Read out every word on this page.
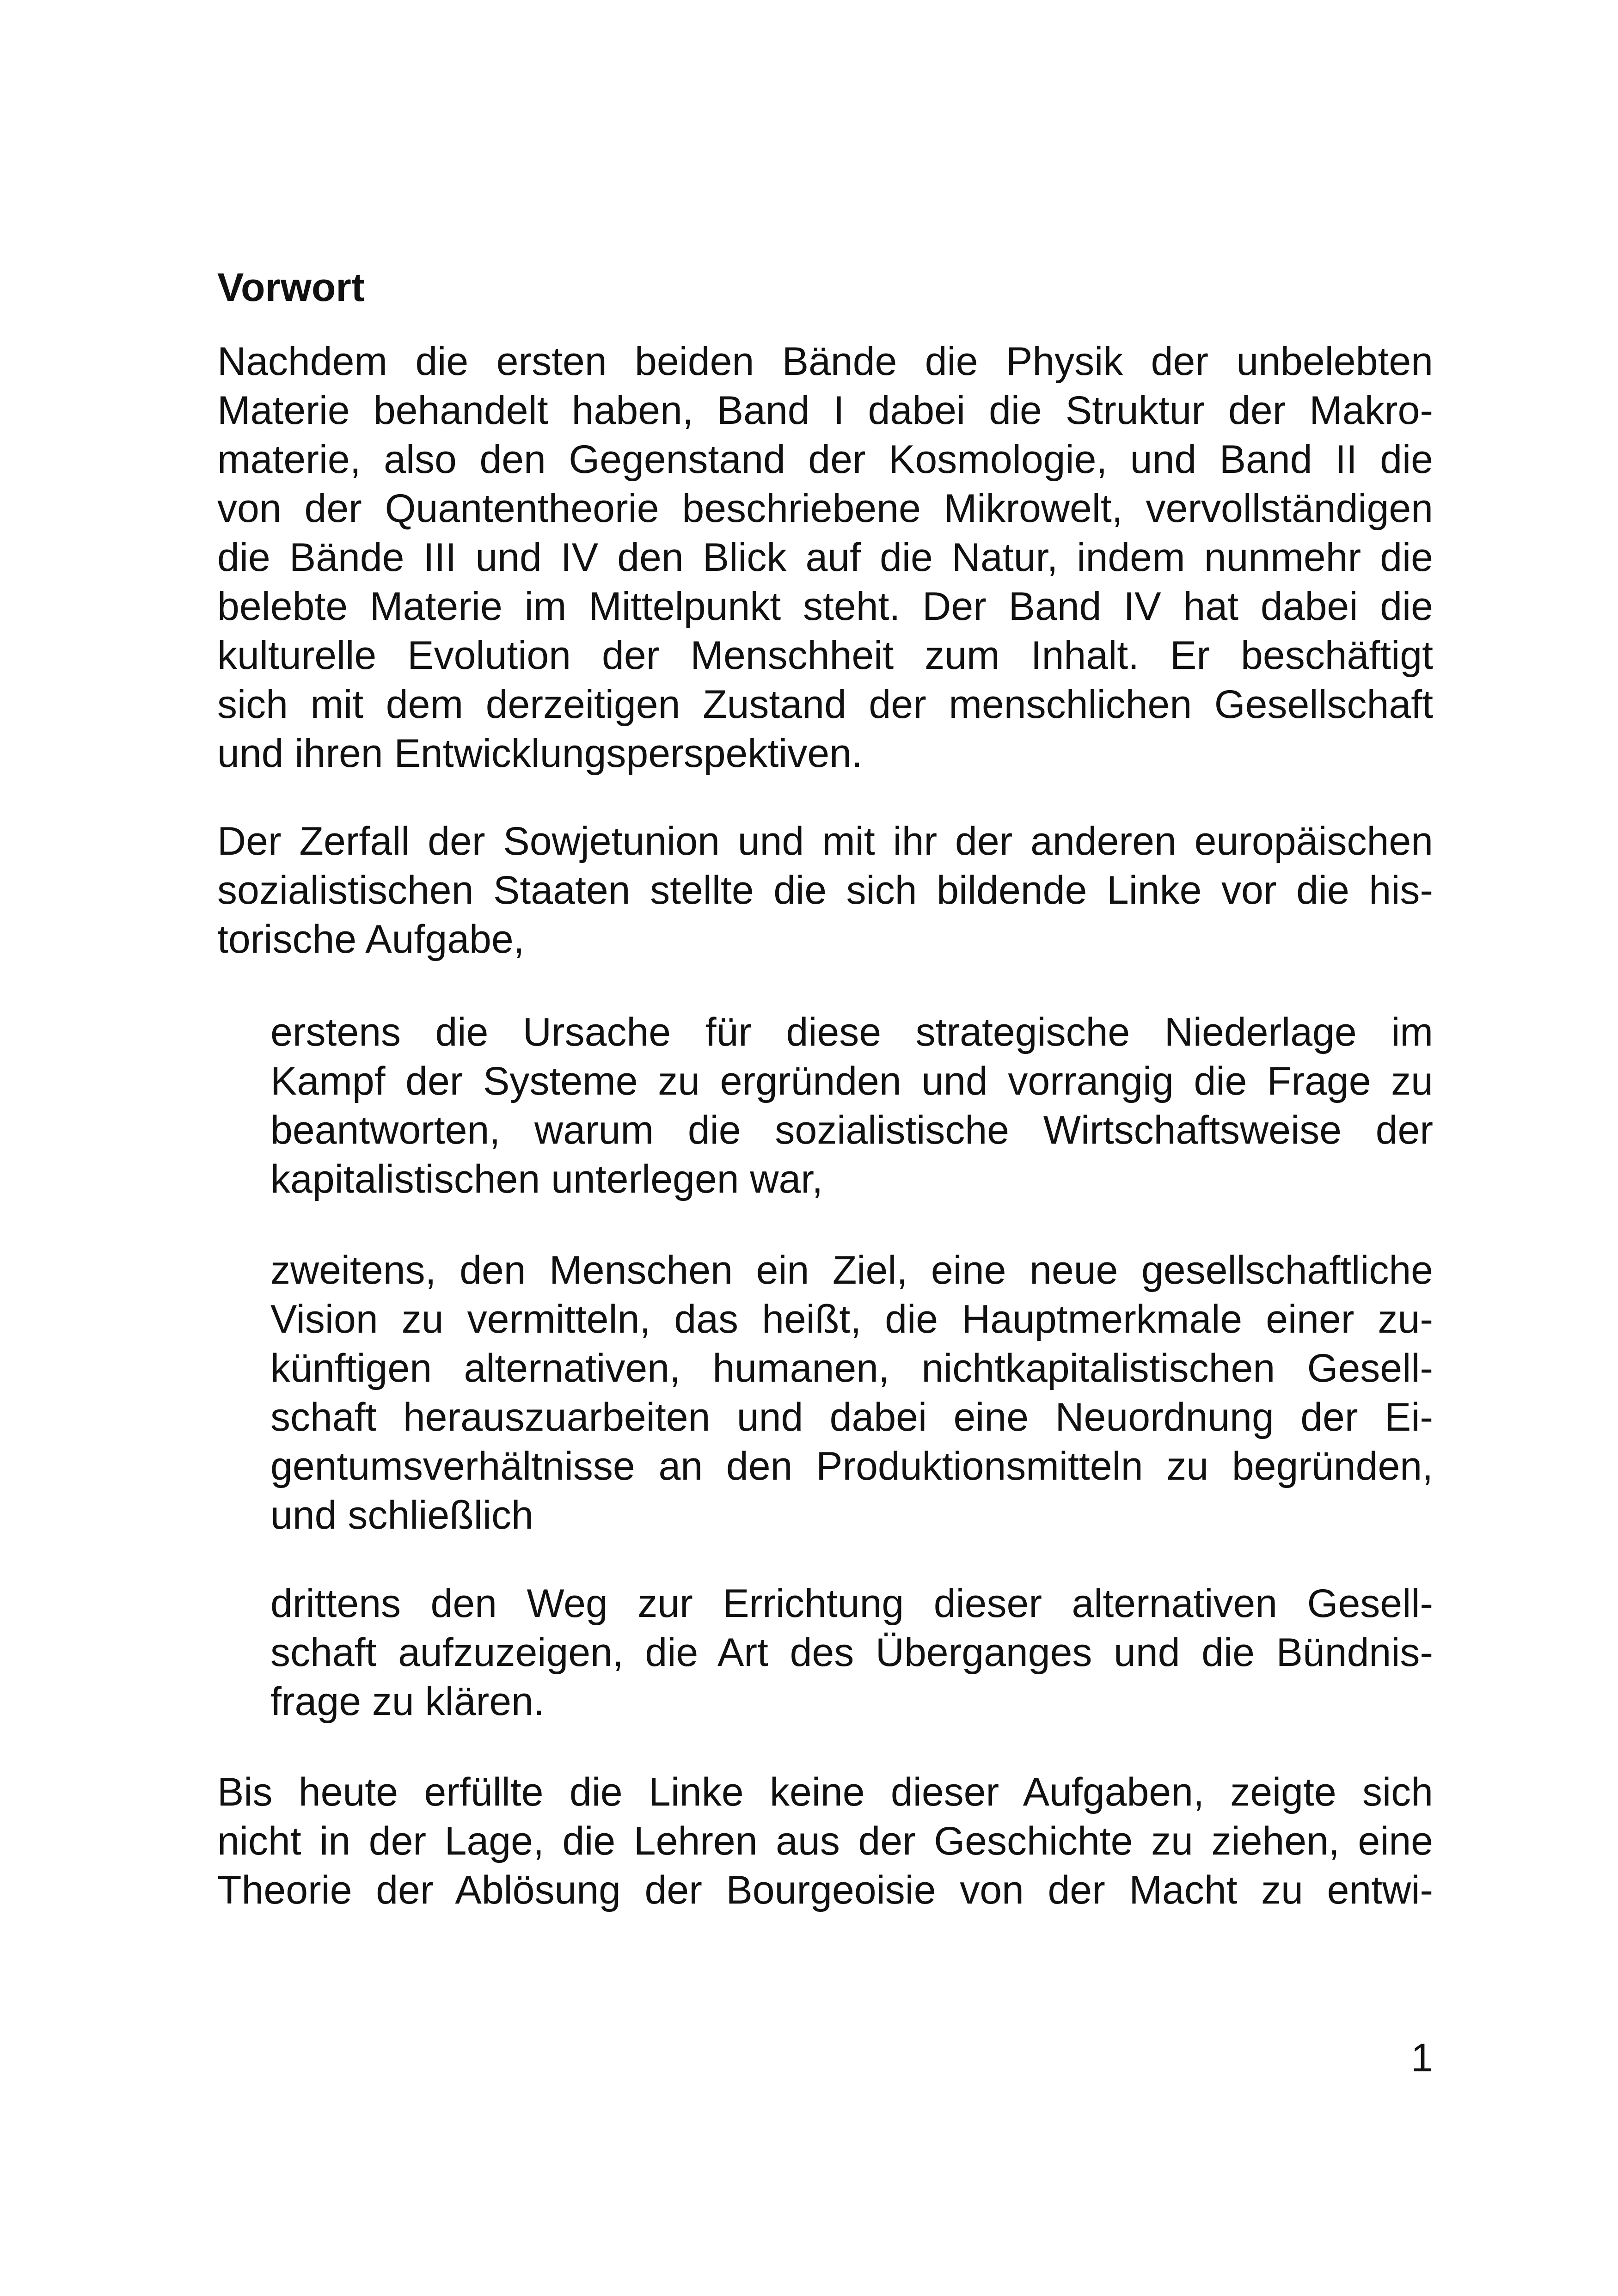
Vorwort
Nachdem die ersten beiden Bände die Physik der unbelebten
Materie behandelt haben, Band I dabei die Struktur der Makro-
materie, also den Gegenstand der Kosmologie, und Band II die
von der Quantentheorie beschriebene Mikrowelt, vervollständigen
die Bände III und IV den Blick auf die Natur, indem nunmehr die
belebte Materie im Mittelpunkt steht. Der Band IV hat dabei die
kulturelle Evolution der Menschheit zum Inhalt. Er beschäftigt
sich mit dem derzeitigen Zustand der menschlichen Gesellschaft
und ihren Entwicklungsperspektiven.
Der Zerfall der Sowjetunion und mit ihr der anderen europäischen
sozialistischen Staaten stellte die sich bildende Linke vor die his-
torische Aufgabe,
erstens die Ursache für diese strategische Niederlage im
Kampf der Systeme zu ergründen und vorrangig die Frage zu
beantworten, warum die sozialistische Wirtschaftsweise der
kapitalistischen unterlegen war,
zweitens, den Menschen ein Ziel, eine neue gesellschaftliche
Vision zu vermitteln, das heißt, die Hauptmerkmale einer zu-
künftigen alternativen, humanen, nichtkapitalistischen Gesell-
schaft herauszuarbeiten und dabei eine Neuordnung der Ei-
gentumsverhältnisse an den Produktionsmitteln zu begründen,
und schließlich
drittens den Weg zur Errichtung dieser alternativen Gesell-
schaft aufzuzeigen, die Art des Überganges und die Bündnis-
frage zu klären.
Bis heute erfüllte die Linke keine dieser Aufgaben, zeigte sich
nicht in der Lage, die Lehren aus der Geschichte zu ziehen, eine
Theorie der Ablösung der Bourgeoisie von der Macht zu entwi-
1
